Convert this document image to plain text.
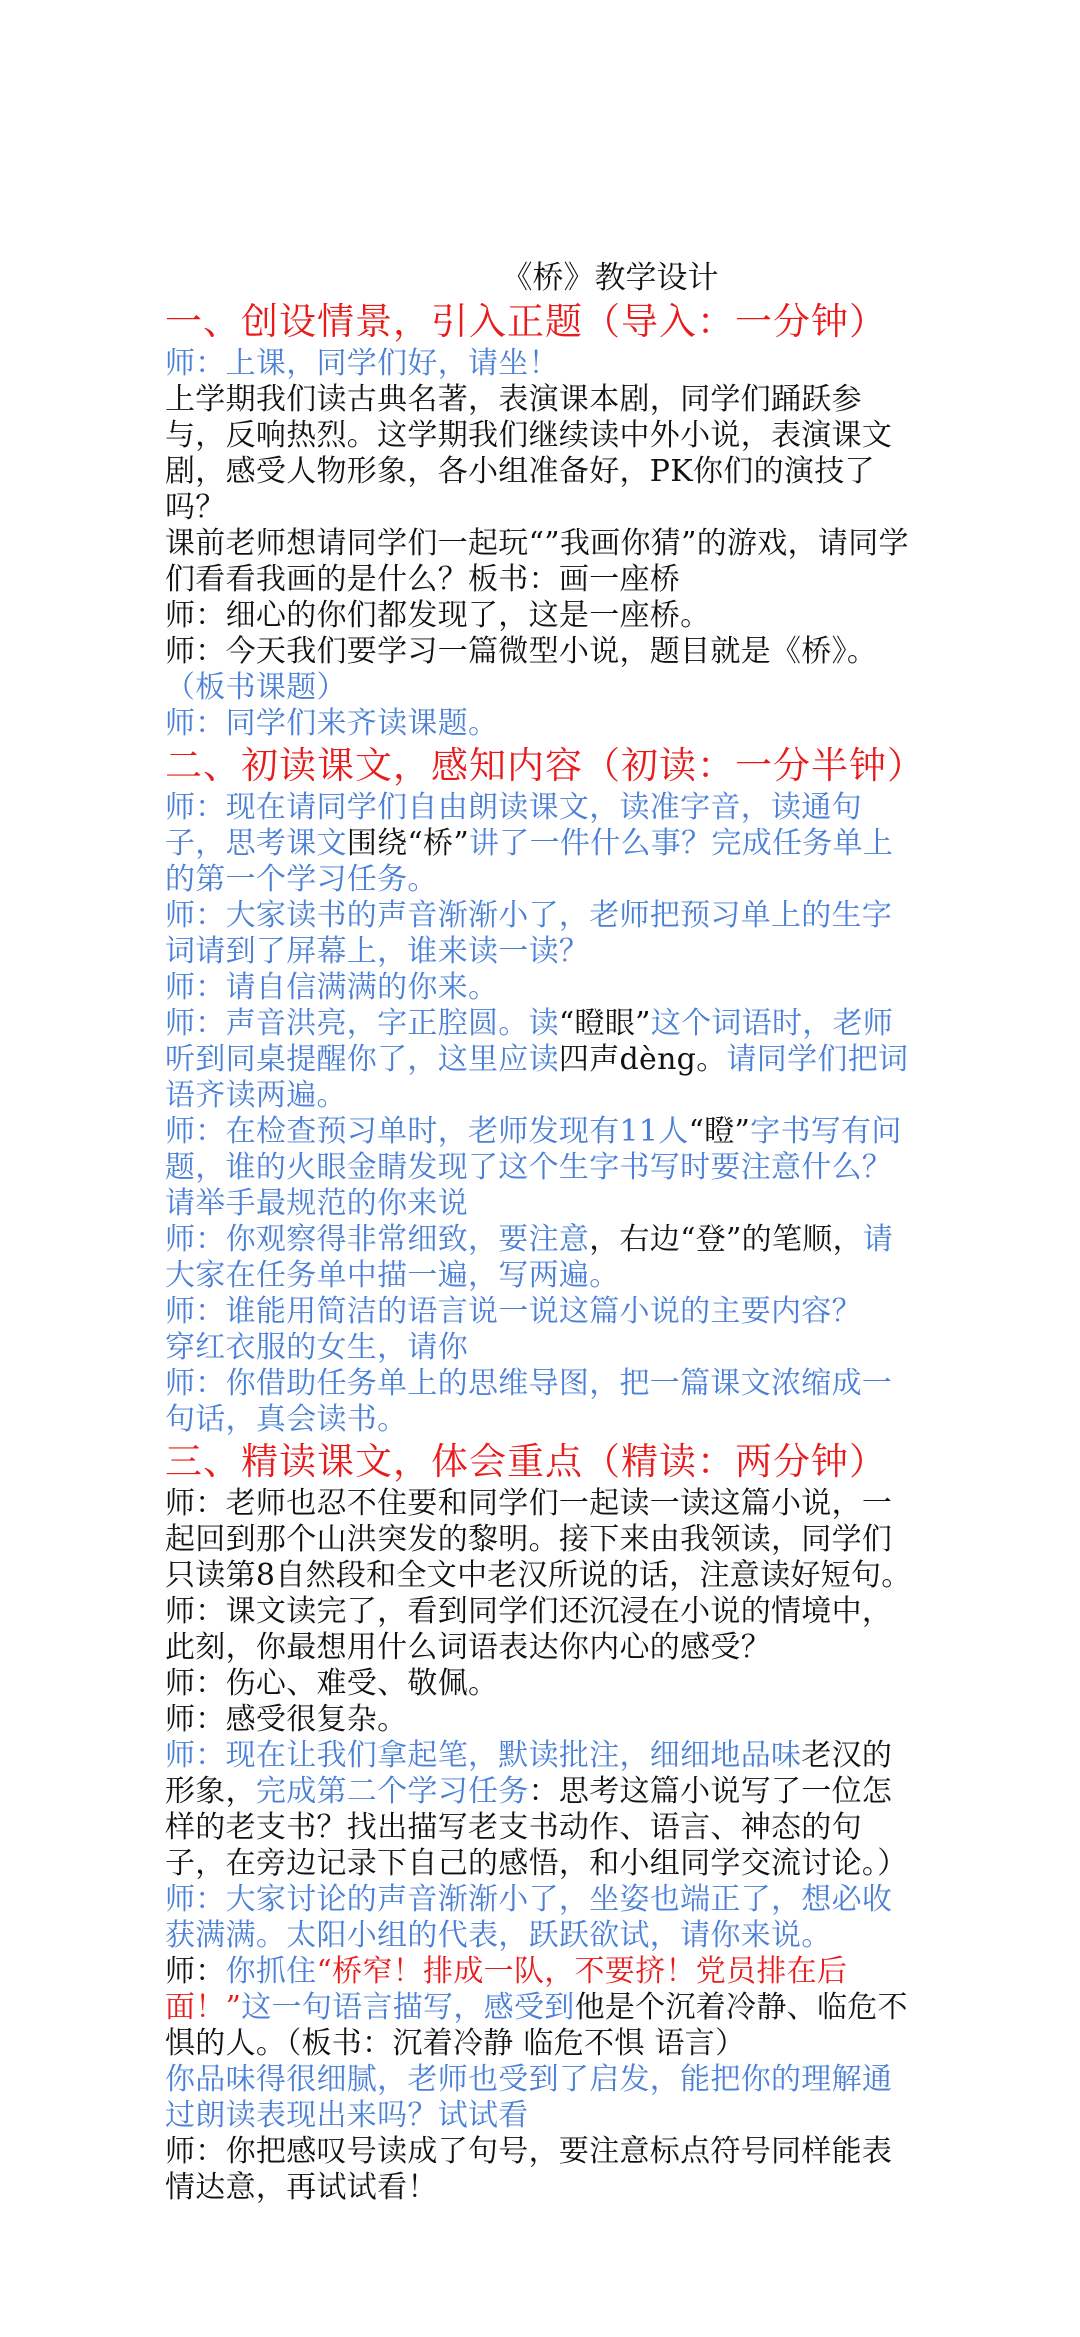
《桥》教学设计

一、创设情景，引入正题（导入：一分钟）

师：上课，同学们好，请坐！

上学期我们读古典名著，表演课本剧，同学们踊跃参与，反响热烈。这学期我们继续读中外小说，表演课文剧，感受人物形象，各小组准备好，PK你们的演技了吗？

课前老师想请同学们一起玩“”我画你猜”的游戏，请同学们看看我画的是什么？板书：画一座桥

师：细心的你们都发现了，这是一座桥。

师：今天我们要学习一篇微型小说，题目就是《桥》。

（板书课题）

师：同学们来齐读课题。

二、初读课文，感知内容（初读：一分半钟）

师：现在请同学们自由朗读课文，读准字音，读通句子，思考课文围绕“桥”讲了一件什么事？完成任务单上的第一个学习任务。

师：大家读书的声音渐渐小了，老师把预习单上的生字词请到了屏幕上，谁来读一读？

师：请自信满满的你来。

师：声音洪亮，字正腔圆。读“瞪眼”这个词语时，老师听到同桌提醒你了，这里应读四声dèng。请同学们把词语齐读两遍。

师：在检查预习单时，老师发现有11人“瞪”字书写有问题，谁的火眼金睛发现了这个生字书写时要注意什么？

请举手最规范的你来说

师：你观察得非常细致，要注意，右边“登”的笔顺，请大家在任务单中描一遍，写两遍。

师：谁能用简洁的语言说一说这篇小说的主要内容？

穿红衣服的女生，请你

师：你借助任务单上的思维导图，把一篇课文浓缩成一句话，真会读书。

三、精读课文，体会重点（精读：两分钟）

师：老师也忍不住要和同学们一起读一读这篇小说，一起回到那个山洪突发的黎明。接下来由我领读，同学们只读第8自然段和全文中老汉所说的话，注意读好短句。

师：课文读完了，看到同学们还沉浸在小说的情境中，此刻，你最想用什么词语表达你内心的感受？

师：伤心、难受、敬佩。

师：感受很复杂。

师：现在让我们拿起笔，默读批注，细细地品味老汉的形象，完成第二个学习任务：思考这篇小说写了一位怎样的老支书？找出描写老支书动作、语言、神态的句子，在旁边记录下自己的感悟，和小组同学交流讨论。）

师：大家讨论的声音渐渐小了，坐姿也端正了，想必收获满满。太阳小组的代表，跃跃欲试，请你来说。

师：你抓住“桥窄！排成一队，不要挤！党员排在后面！”这一句语言描写，感受到他是个沉着冷静、临危不惧的人。（板书：沉着冷静 临危不惧 语言）

你品味得很细腻，老师也受到了启发，能把你的理解通过朗读表现出来吗？试试看

师：你把感叹号读成了句号，要注意标点符号同样能表情达意，再试试看！
